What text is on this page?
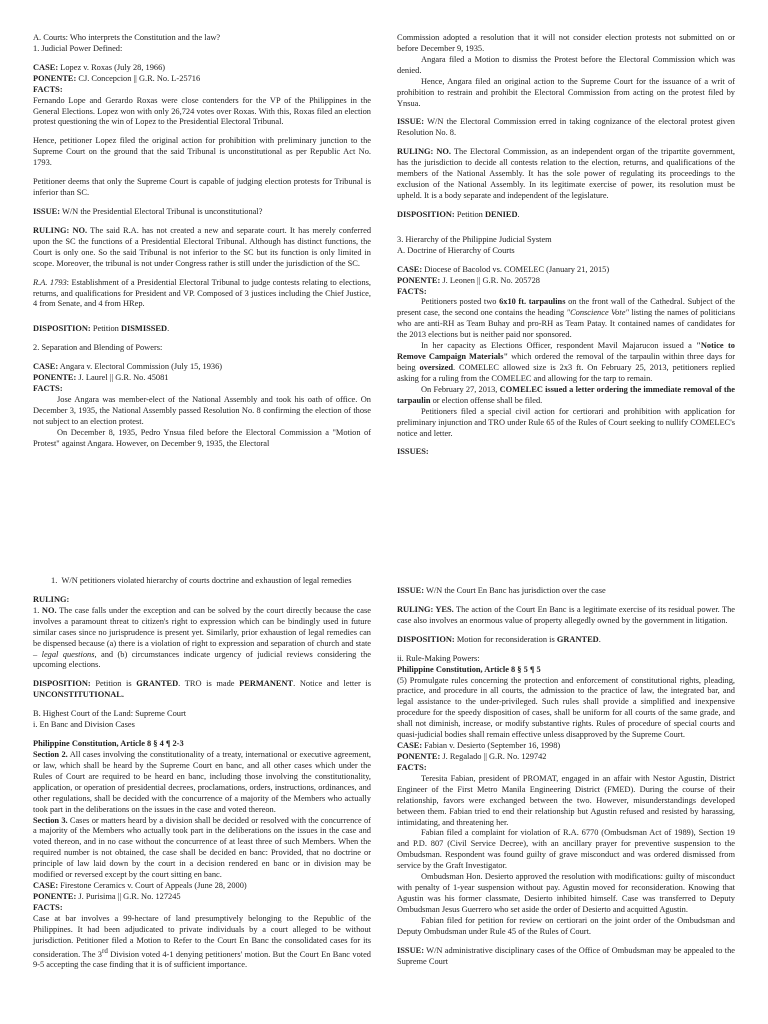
A. Courts: Who interprets the Constitution and the law?

1. Judicial Power Defined:

CASE: Lopez v. Roxas (July 28, 1966)

PONENTE: CJ. Concepcion || G.R. No. L-25716

FACTS:

Fernando Lope and Gerardo Roxas were close contenders for the VP of the Philippines in the General Elections. Lopez won with only 26,724 votes over Roxas. With this, Roxas filed an election protest questioning the win of Lopez to the Presidential Electoral Tribunal.

Hence, petitioner Lopez filed the original action for prohibition with preliminary junction to the Supreme Court on the ground that the said Tribunal is unconstitutional as per Republic Act No. 1793.

Petitioner deems that only the Supreme Court is capable of judging election protests for Tribunal is inferior than SC.

ISSUE: W/N the Presidential Electoral Tribunal is unconstitutional?

RULING: NO. The said R.A. has not created a new and separate court. It has merely conferred upon the SC the functions of a Presidential Electoral Tribunal. Although has distinct functions, the Court is only one. So the said Tribunal is not inferior to the SC but its function is only limited in scope. Moreover, the tribunal is not under Congress rather is still under the jurisdiction of the SC.

R.A. 1793: Establishment of a Presidential Electoral Tribunal to judge contests relating to elections, returns, and qualifications for President and VP. Composed of 3 justices including the Chief Justice, 4 from Senate, and 4 from HRep.

DISPOSITION: Petition DISMISSED.

2. Separation and Blending of Powers:

CASE: Angara v. Electoral Commission (July 15, 1936)

PONENTE: J. Laurel || G.R. No. 45081

FACTS:

Jose Angara was member-elect of the National Assembly and took his oath of office. On December 3, 1935, the National Assembly passed Resolution No. 8 confirming the election of those not subject to an election protest.

On December 8, 1935, Pedro Ynsua filed before the Electoral Commission a "Motion of Protest" against Angara. However, on December 9, 1935, the Electoral

Commission adopted a resolution that it will not consider election protests not submitted on or before December 9, 1935.

Angara filed a Motion to dismiss the Protest before the Electoral Commission which was denied.

Hence, Angara filed an original action to the Supreme Court for the issuance of a writ of prohibition to restrain and prohibit the Electoral Commission from acting on the protest filed by Ynsua.

ISSUE: W/N the Electoral Commission erred in taking cognizance of the electoral protest given Resolution No. 8.

RULING: NO. The Electoral Commission, as an independent organ of the tripartite government, has the jurisdiction to decide all contests relation to the election, returns, and qualifications of the members of the National Assembly. It has the sole power of regulating its proceedings to the exclusion of the National Assembly. In its legitimate exercise of power, its resolution must be upheld. It is a body separate and independent of the legislature.

DISPOSITION: Petition DENIED.

3. Hierarchy of the Philippine Judicial System

A. Doctrine of Hierarchy of Courts

CASE: Diocese of Bacolod vs. COMELEC (January 21, 2015)

PONENTE: J. Leonen || G.R. No. 205728

FACTS:

Petitioners posted two 6x10 ft. tarpaulins on the front wall of the Cathedral. Subject of the present case, the second one contains the heading "Conscience Vote" listing the names of politicians who are anti-RH as Team Buhay and pro-RH as Team Patay. It contained names of candidates for the 2013 elections but is neither paid nor sponsored.

In her capacity as Elections Officer, respondent Mavil Majarucon issued a "Notice to Remove Campaign Materials" which ordered the removal of the tarpaulin within three days for being oversized. COMELEC allowed size is 2x3 ft. On February 25, 2013, petitioners replied asking for a ruling from the COMELEC and allowing for the tarp to remain.

On February 27, 2013, COMELEC issued a letter ordering the immediate removal of the tarpaulin or election offense shall be filed.

Petitioners filed a special civil action for certiorari and prohibition with application for preliminary injunction and TRO under Rule 65 of the Rules of Court seeking to nullify COMELEC's notice and letter.

ISSUES:

1.  W/N petitioners violated hierarchy of courts doctrine and exhaustion of legal remedies

RULING:

1. NO. The case falls under the exception and can be solved by the court directly because the case involves a paramount threat to citizen's right to expression which can be bindingly used in future similar cases since no jurisprudence is present yet. Similarly, prior exhaustion of legal remedies can be dispensed because (a) there is a violation of right to expression and separation of church and state – legal questions, and (b) circumstances indicate urgency of judicial reviews considering the upcoming elections.

DISPOSITION: Petition is GRANTED. TRO is made PERMANENT. Notice and letter is UNCONSTITUTIONAL.

B. Highest Court of the Land: Supreme Court

i. En Banc and Division Cases

Philippine Constitution, Article 8 § 4 ¶ 2-3

Section 2. All cases involving the constitutionality of a treaty, international or executive agreement, or law, which shall be heard by the Supreme Court en banc, and all other cases which under the Rules of Court are required to be heard en banc, including those involving the constitutionality, application, or operation of presidential decrees, proclamations, orders, instructions, ordinances, and other regulations, shall be decided with the concurrence of a majority of the Members who actually took part in the deliberations on the issues in the case and voted thereon.

Section 3. Cases or matters heard by a division shall be decided or resolved with the concurrence of a majority of the Members who actually took part in the deliberations on the issues in the case and voted thereon, and in no case without the concurrence of at least three of such Members. When the required number is not obtained, the case shall be decided en banc: Provided, that no doctrine or principle of law laid down by the court in a decision rendered en banc or in division may be modified or reversed except by the court sitting en banc.

CASE: Firestone Ceramics v. Court of Appeals (June 28, 2000)

PONENTE: J. Purisima || G.R. No. 127245

FACTS:

Case at bar involves a 99-hectare of land presumptively belonging to the Republic of the Philippines. It had been adjudicated to private individuals by a court alleged to be without jurisdiction. Petitioner filed a Motion to Refer to the Court En Banc the consolidated cases for its consideration. The 3rd Division voted 4-1 denying petitioners' motion. But the Court En Banc voted 9-5 accepting the case finding that it is of sufficient importance.

ISSUE: W/N the Court En Banc has jurisdiction over the case

RULING: YES. The action of the Court En Banc is a legitimate exercise of its residual power. The case also involves an enormous value of property allegedly owned by the government in litigation.

DISPOSITION: Motion for reconsideration is GRANTED.

ii. Rule-Making Powers:

Philippine Constitution, Article 8 § 5 ¶ 5

(5) Promulgate rules concerning the protection and enforcement of constitutional rights, pleading, practice, and procedure in all courts, the admission to the practice of law, the integrated bar, and legal assistance to the under-privileged. Such rules shall provide a simplified and inexpensive procedure for the speedy disposition of cases, shall be uniform for all courts of the same grade, and shall not diminish, increase, or modify substantive rights. Rules of procedure of special courts and quasi-judicial bodies shall remain effective unless disapproved by the Supreme Court.

CASE: Fabian v. Desierto (September 16, 1998)

PONENTE: J. Regalado || G.R. No. 129742

FACTS:

Teresita Fabian, president of PROMAT, engaged in an affair with Nestor Agustin, District Engineer of the First Metro Manila Engineering District (FMED). During the course of their relationship, favors were exchanged between the two. However, misunderstandings developed between them. Fabian tried to end their relationship but Agustin refused and resisted by harassing, intimidating, and threatening her.

Fabian filed a complaint for violation of R.A. 6770 (Ombudsman Act of 1989), Section 19 and P.D. 807 (Civil Service Decree), with an ancillary prayer for preventive suspension to the Ombudsman. Respondent was found guilty of grave misconduct and was ordered dismissed from service by the Graft Investigator.

Ombudsman Hon. Desierto approved the resolution with modifications: guilty of misconduct with penalty of 1-year suspension without pay. Agustin moved for reconsideration. Knowing that Agustin was his former classmate, Desierto inhibited himself. Case was transferred to Deputy Ombudsman Jesus Guerrero who set aside the order of Desierto and acquitted Agustin.

Fabian filed for petition for review on certiorari on the joint order of the Ombudsman and Deputy Ombudsman under Rule 45 of the Rules of Court.

ISSUE: W/N administrative disciplinary cases of the Office of Ombudsman may be appealed to the Supreme Court
